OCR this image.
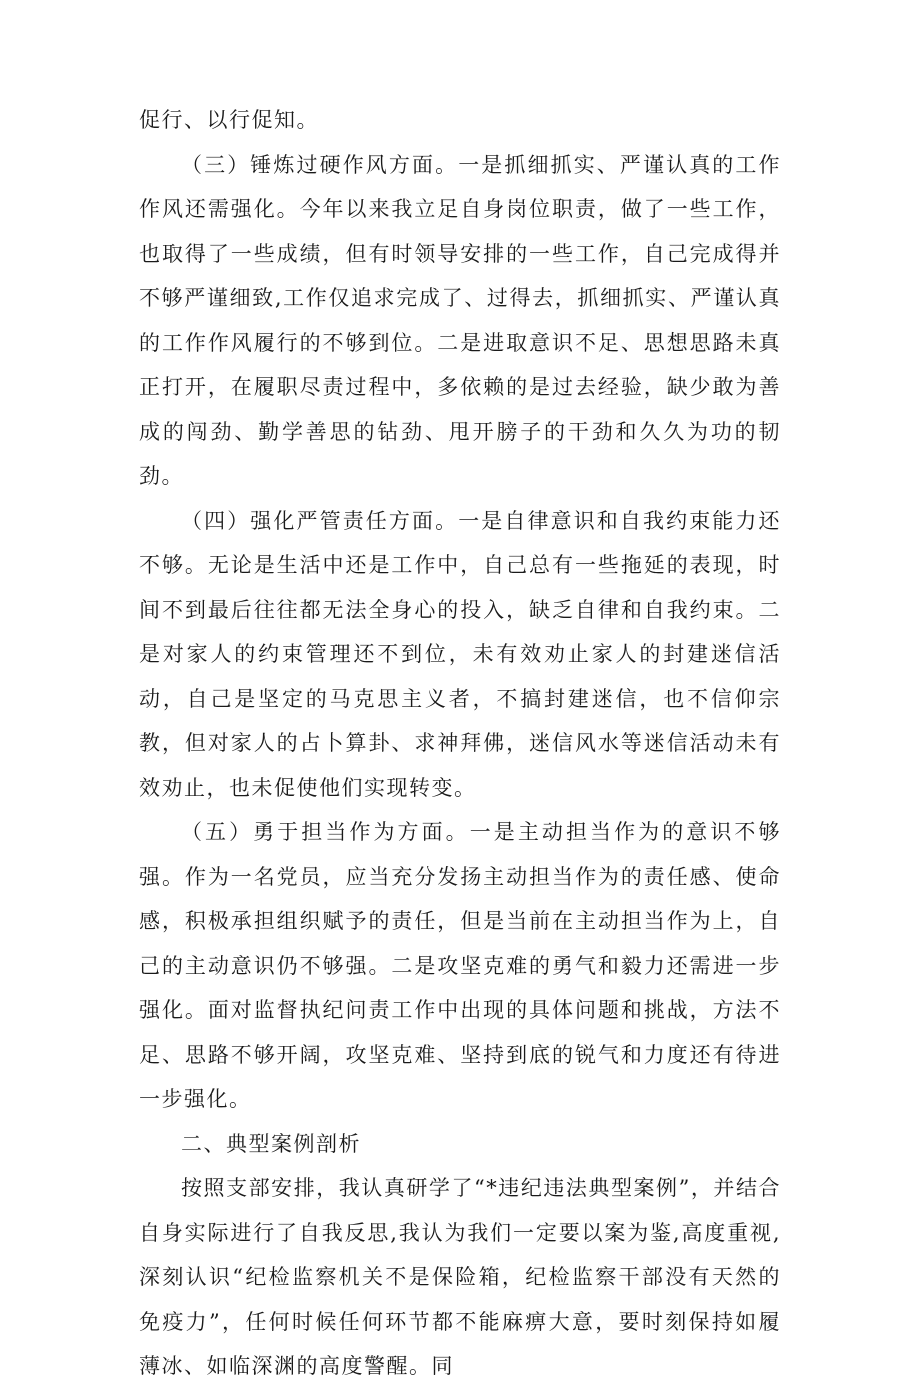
促行、以行促知。

（三）锤炼过硬作风方面。一是抓细抓实、严谨认真的工作作风还需强化。今年以来我立足自身岗位职责，做了一些工作，也取得了一些成绩，但有时领导安排的一些工作，自己完成得并不够严谨细致,工作仅追求完成了、过得去，抓细抓实、严谨认真的工作作风履行的不够到位。二是进取意识不足、思想思路未真正打开，在履职尽责过程中，多依赖的是过去经验，缺少敢为善成的闯劲、勤学善思的钻劲、甩开膀子的干劲和久久为功的韧劲。

（四）强化严管责任方面。一是自律意识和自我约束能力还不够。无论是生活中还是工作中，自己总有一些拖延的表现，时间不到最后往往都无法全身心的投入，缺乏自律和自我约束。二是对家人的约束管理还不到位，未有效劝止家人的封建迷信活动，自己是坚定的马克思主义者，不搞封建迷信，也不信仰宗教，但对家人的占卜算卦、求神拜佛，迷信风水等迷信活动未有效劝止，也未促使他们实现转变。

（五）勇于担当作为方面。一是主动担当作为的意识不够强。作为一名党员，应当充分发扬主动担当作为的责任感、使命感，积极承担组织赋予的责任，但是当前在主动担当作为上，自己的主动意识仍不够强。二是攻坚克难的勇气和毅力还需进一步强化。面对监督执纪问责工作中出现的具体问题和挑战，方法不足、思路不够开阔，攻坚克难、坚持到底的锐气和力度还有待进一步强化。

二、典型案例剖析

按照支部安排，我认真研学了“*违纪违法典型案例”，并结合自身实际进行了自我反思,我认为我们一定要以案为鉴,高度重视,深刻认识“纪检监察机关不是保险箱，纪检监察干部没有天然的免疫力”，任何时候任何环节都不能麻痹大意，要时刻保持如履薄冰、如临深渊的高度警醒。同
